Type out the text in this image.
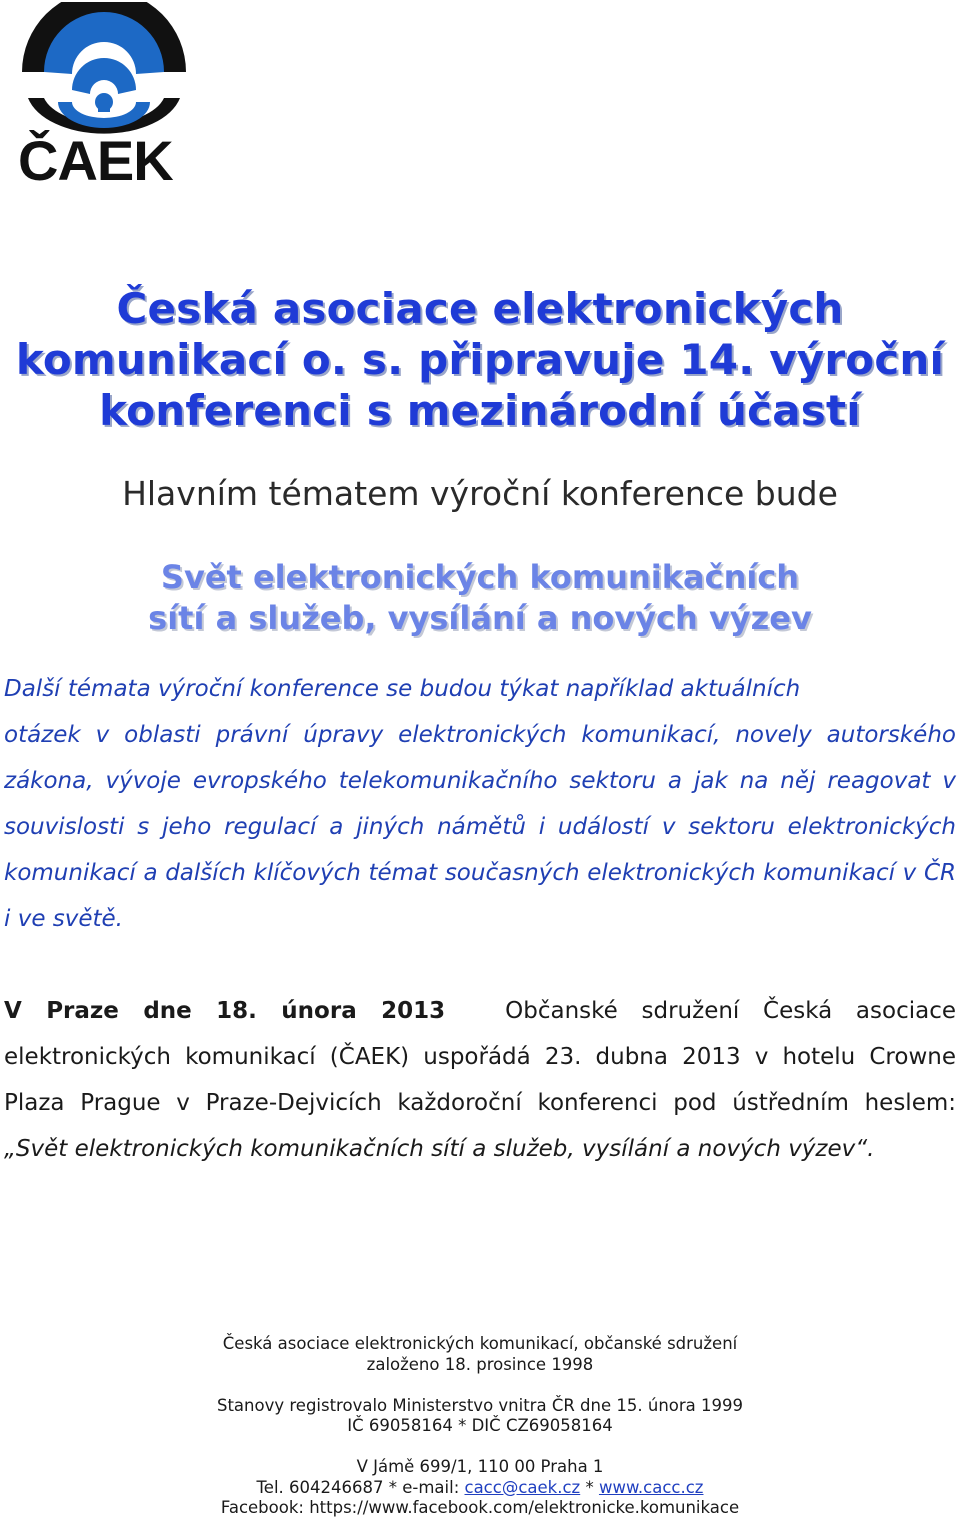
ČAEK
Česká asociace elektronických
komunikací o. s. připravuje 14. výroční
konferenci s mezinárodní účastí
Hlavním tématem výroční konference bude
Svět elektronických komunikačních
sítí a služeb, vysílání a nových výzev
Další témata výroční konference se budou týkat například aktuálních
otázek v oblasti právní úpravy elektronických komunikací, novely autorského zákona, vývoje evropského telekomunikačního sektoru a jak na něj reagovat v souvislosti s jeho regulací a jiných námětů i událostí v sektoru elektronických komunikací a dalších klíčových témat současných elektronických komunikací v ČR i ve světě.
V Praze dne 18. února 2013	Občanské sdružení Česká asociace elektronických komunikací (ČAEK) uspořádá 23. dubna 2013 v hotelu Crowne Plaza Prague v Praze-Dejvicích každoroční konferenci pod ústředním heslem: „Svět elektronických komunikačních sítí a služeb, vysílání a nových výzev“.
Česká asociace elektronických komunikací, občanské sdružení
založeno 18. prosince 1998
Stanovy registrovalo Ministerstvo vnitra ČR dne 15. února 1999
IČ 69058164 * DIČ CZ69058164
V Jámě 699/1, 110 00 Praha 1
Tel. 604246687 * e-mail: cacc@caek.cz * www.cacc.cz
Facebook: https://www.facebook.com/elektronicke.komunikace
